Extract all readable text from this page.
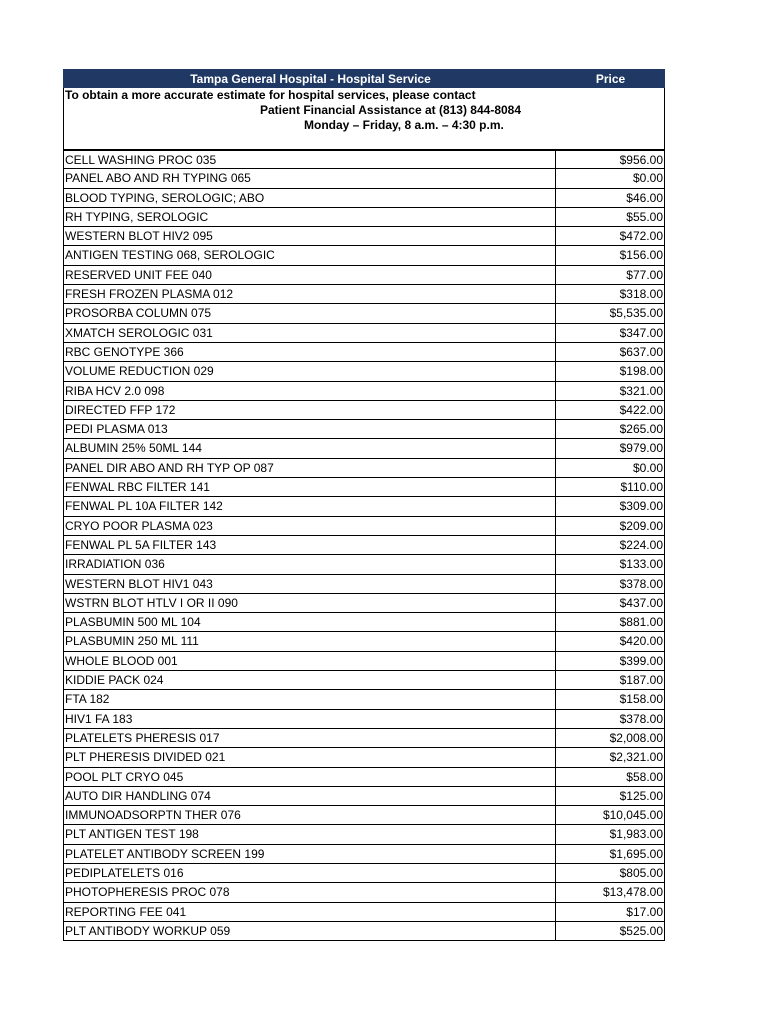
Tampa General Hospital - Hospital Service	Price
To obtain a more accurate estimate for hospital services, please contact
Patient Financial Assistance at (813) 844-8084
Monday – Friday, 8 a.m. – 4:30 p.m.
CELL WASHING PROC 035	$956.00
PANEL ABO AND RH TYPING 065	$0.00
BLOOD TYPING, SEROLOGIC; ABO	$46.00
RH TYPING, SEROLOGIC	$55.00
WESTERN BLOT HIV2 095	$472.00
ANTIGEN TESTING 068, SEROLOGIC	$156.00
RESERVED UNIT FEE 040	$77.00
FRESH FROZEN PLASMA 012	$318.00
PROSORBA COLUMN 075	$5,535.00
XMATCH SEROLOGIC 031	$347.00
RBC GENOTYPE 366	$637.00
VOLUME REDUCTION 029	$198.00
RIBA HCV 2.0 098	$321.00
DIRECTED FFP 172	$422.00
PEDI PLASMA 013	$265.00
ALBUMIN 25% 50ML 144	$979.00
PANEL DIR ABO AND RH TYP OP 087	$0.00
FENWAL RBC FILTER 141	$110.00
FENWAL PL 10A FILTER 142	$309.00
CRYO POOR PLASMA 023	$209.00
FENWAL PL 5A FILTER 143	$224.00
IRRADIATION 036	$133.00
WESTERN BLOT HIV1 043	$378.00
WSTRN BLOT HTLV I OR II 090	$437.00
PLASBUMIN 500 ML 104	$881.00
PLASBUMIN 250 ML 111	$420.00
WHOLE BLOOD 001	$399.00
KIDDIE PACK 024	$187.00
FTA 182	$158.00
HIV1 FA 183	$378.00
PLATELETS PHERESIS 017	$2,008.00
PLT PHERESIS DIVIDED 021	$2,321.00
POOL PLT CRYO 045	$58.00
AUTO DIR HANDLING 074	$125.00
IMMUNOADSORPTN THER 076	$10,045.00
PLT ANTIGEN TEST 198	$1,983.00
PLATELET ANTIBODY SCREEN 199	$1,695.00
PEDIPLATELETS 016	$805.00
PHOTOPHERESIS PROC 078	$13,478.00
REPORTING FEE 041	$17.00
PLT ANTIBODY WORKUP 059	$525.00
